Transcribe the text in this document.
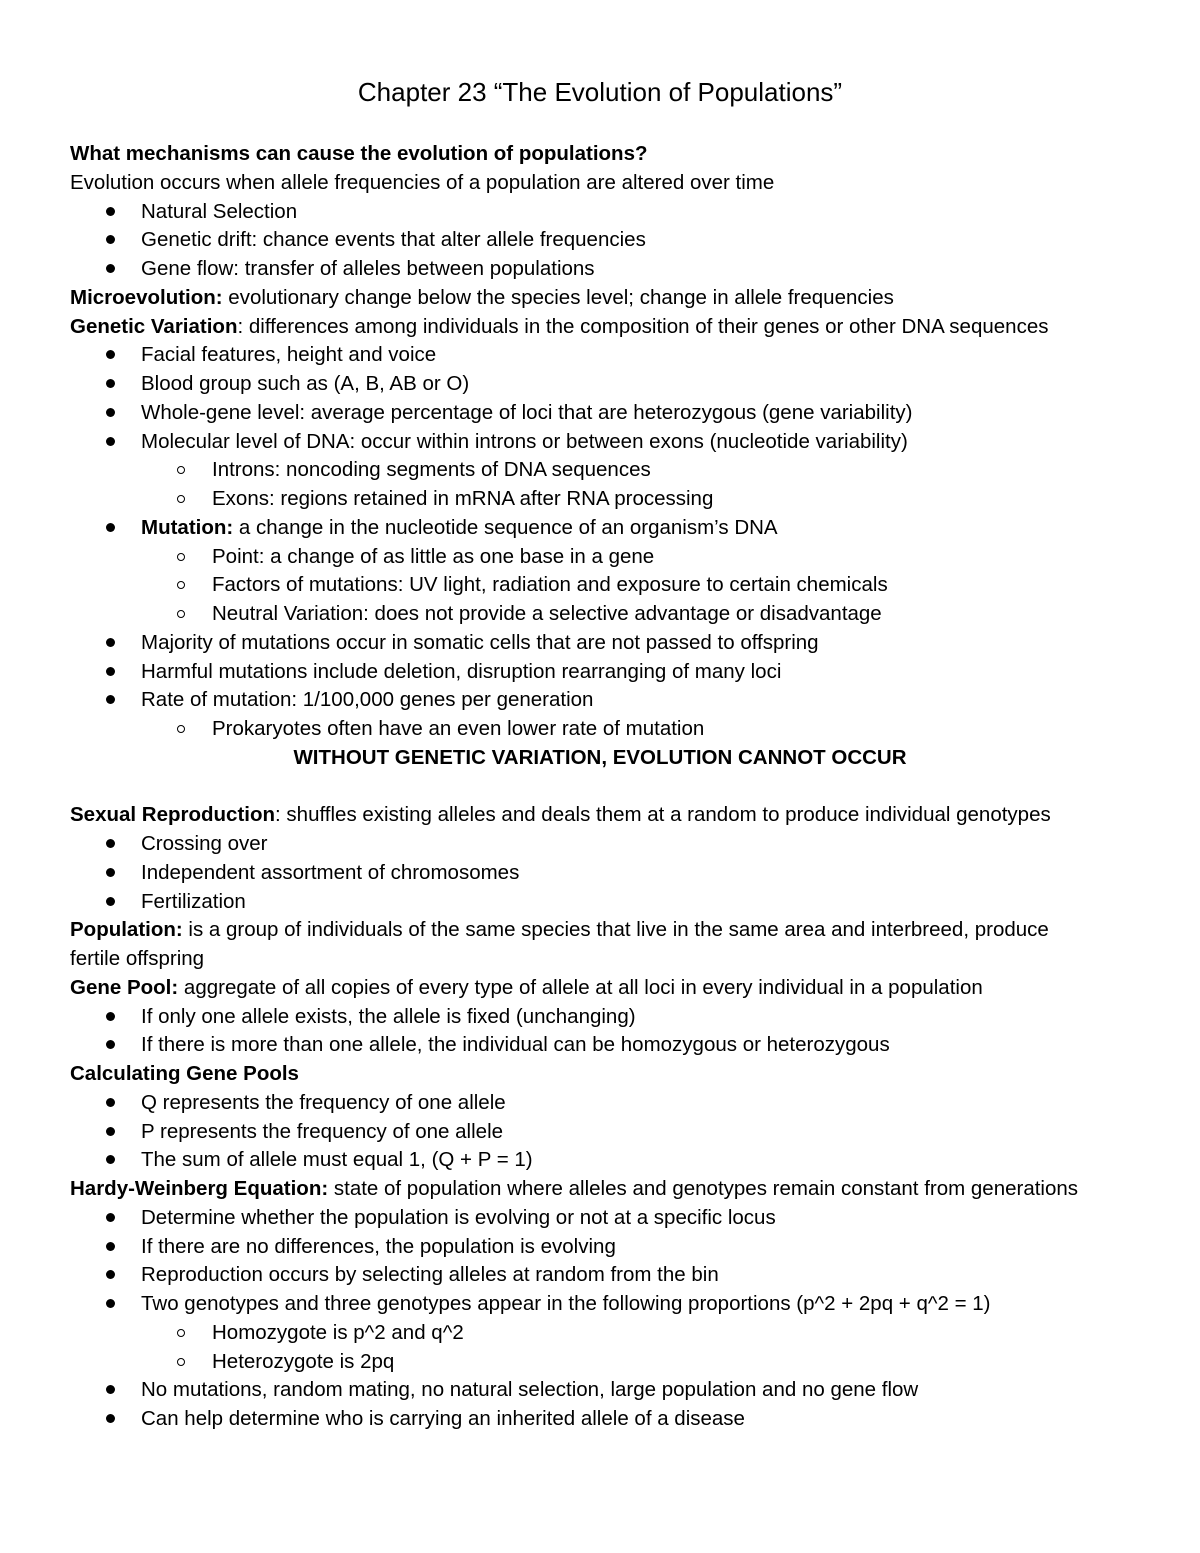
Chapter 23 “The Evolution of Populations”
What mechanisms can cause the evolution of populations?
Evolution occurs when allele frequencies of a population are altered over time
Natural Selection
Genetic drift: chance events that alter allele frequencies
Gene flow: transfer of alleles between populations
Microevolution: evolutionary change below the species level; change in allele frequencies
Genetic Variation: differences among individuals in the composition of their genes or other DNA sequences
Facial features, height and voice
Blood group such as (A, B, AB or O)
Whole-gene level: average percentage of loci that are heterozygous (gene variability)
Molecular level of DNA: occur within introns or between exons (nucleotide variability)
Introns: noncoding segments of DNA sequences
Exons: regions retained in mRNA after RNA processing
Mutation: a change in the nucleotide sequence of an organism’s DNA
Point: a change of as little as one base in a gene
Factors of mutations: UV light, radiation and exposure to certain chemicals
Neutral Variation: does not provide a selective advantage or disadvantage
Majority of mutations occur in somatic cells that are not passed to offspring
Harmful mutations include deletion, disruption rearranging of many loci
Rate of mutation: 1/100,000 genes per generation
Prokaryotes often have an even lower rate of mutation
WITHOUT GENETIC VARIATION, EVOLUTION CANNOT OCCUR
Sexual Reproduction: shuffles existing alleles and deals them at a random to produce individual genotypes
Crossing over
Independent assortment of chromosomes
Fertilization
Population: is a group of individuals of the same species that live in the same area and interbreed, produce
fertile offspring
Gene Pool: aggregate of all copies of every type of allele at all loci in every individual in a population
If only one allele exists, the allele is fixed (unchanging)
If there is more than one allele, the individual can be homozygous or heterozygous
Calculating Gene Pools
Q represents the frequency of one allele
P represents the frequency of one allele
The sum of allele must equal 1, (Q + P = 1)
Hardy-Weinberg Equation: state of population where alleles and genotypes remain constant from generations
Determine whether the population is evolving or not at a specific locus
If there are no differences, the population is evolving
Reproduction occurs by selecting alleles at random from the bin
Two genotypes and three genotypes appear in the following proportions (p^2 + 2pq + q^2 = 1)
Homozygote is p^2 and q^2
Heterozygote is 2pq
No mutations, random mating, no natural selection, large population and no gene flow
Can help determine who is carrying an inherited allele of a disease
